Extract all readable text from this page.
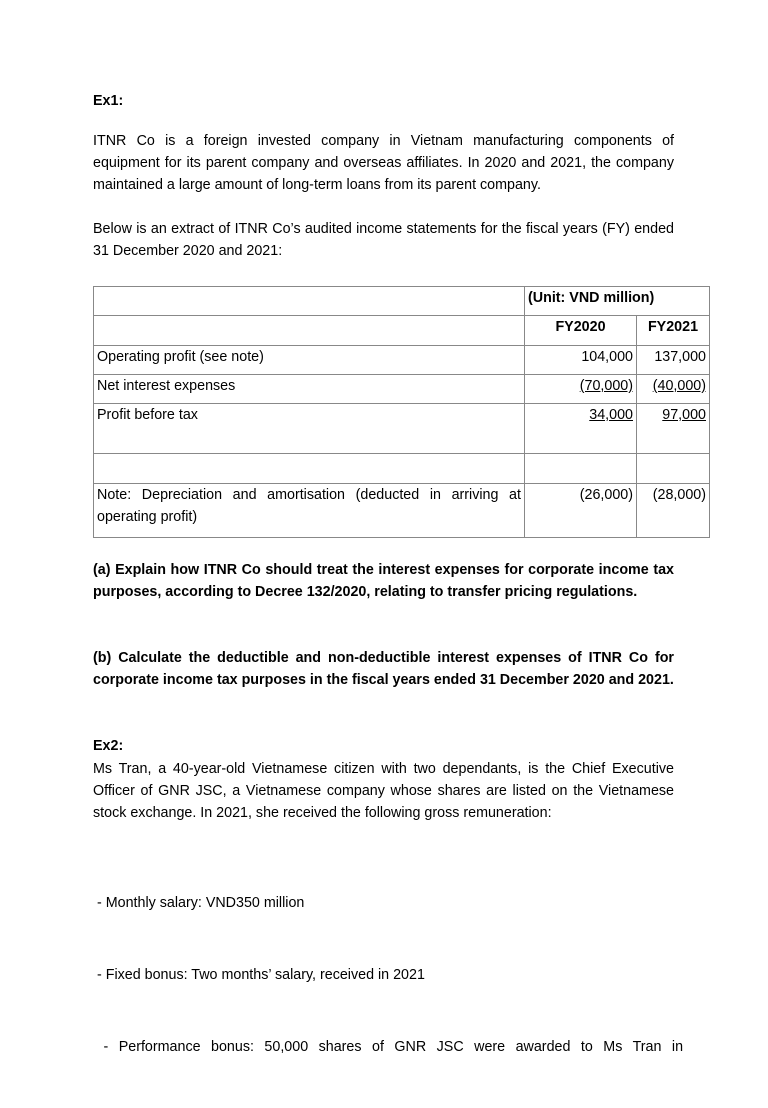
Ex1:
ITNR Co is a foreign invested company in Vietnam manufacturing components of equipment for its parent company and overseas affiliates. In 2020 and 2021, the company maintained a large amount of long-term loans from its parent company.
Below is an extract of ITNR Co’s audited income statements for the fiscal years (FY) ended 31 December 2020 and 2021:
	(Unit: VND million)	
	FY2020	FY2021
Operating profit (see note)	104,000	137,000
Net interest expenses	(70,000)	(40,000)
Profit before tax	34,000	97,000

Note: Depreciation and amortisation (deducted in arriving at operating profit)	(26,000)	(28,000)
(a) Explain how ITNR Co should treat the interest expenses for corporate income tax purposes, according to Decree 132/2020, relating to transfer pricing regulations.
(b) Calculate the deductible and non-deductible interest expenses of ITNR Co for corporate income tax purposes in the fiscal years ended 31 December 2020 and 2021.
Ex2:
Ms Tran, a 40-year-old Vietnamese citizen with two dependants, is the Chief Executive Officer of GNR JSC, a Vietnamese company whose shares are listed on the Vietnamese stock exchange. In 2021, she received the following gross remuneration:

- Monthly salary: VND350 million

- Fixed bonus: Two months’ salary, received in 2021

- Performance bonus: 50,000 shares of GNR JSC were awarded to Ms Tran in
